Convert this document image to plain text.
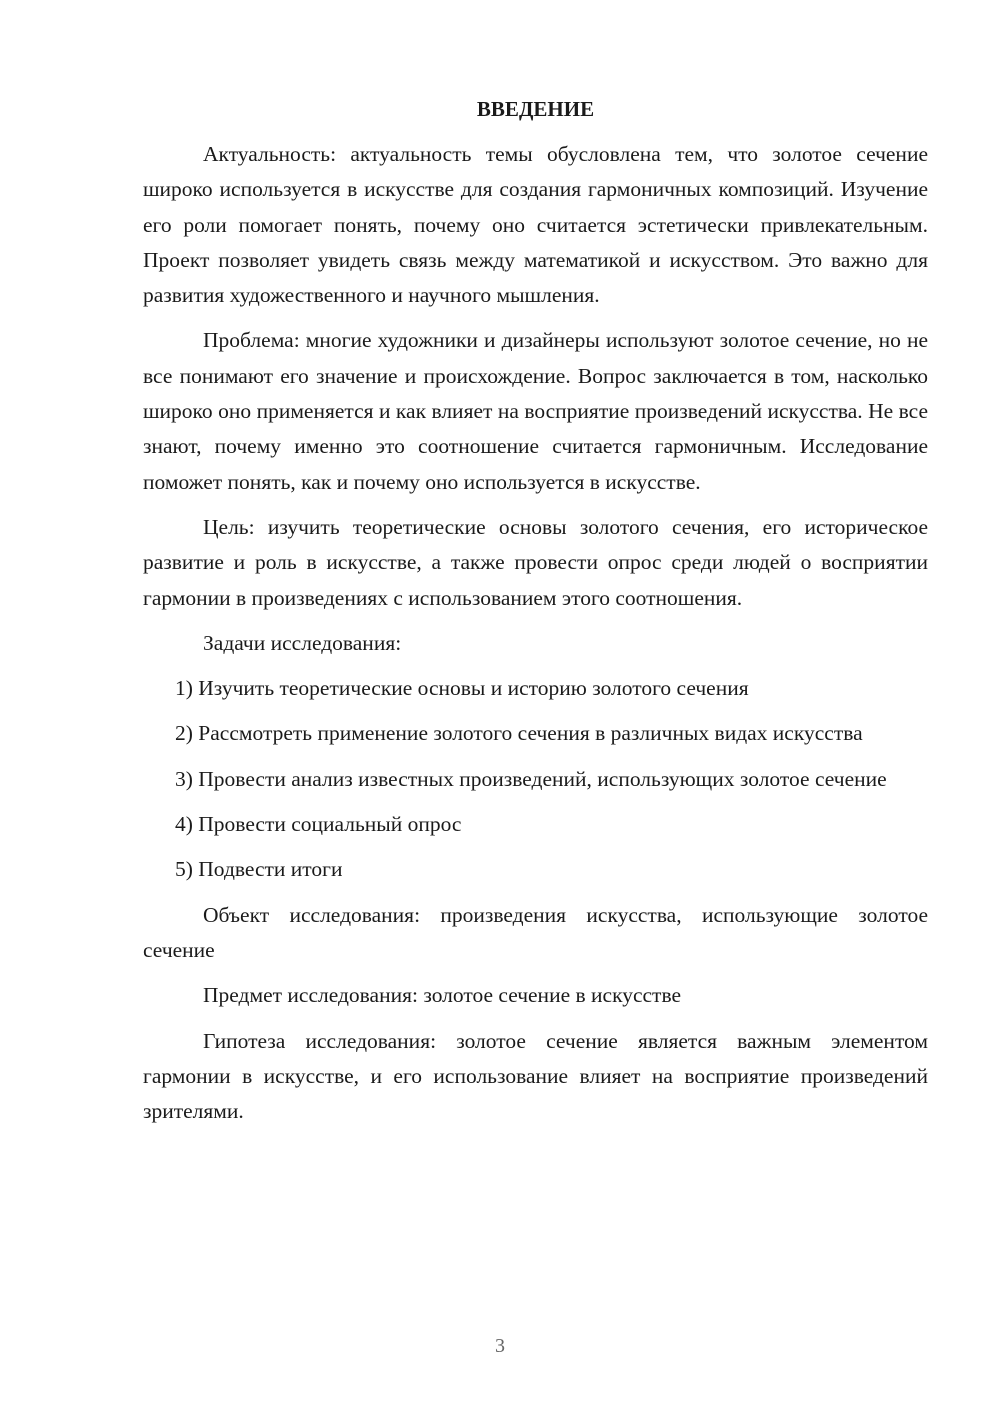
ВВЕДЕНИЕ

Актуальность: актуальность темы обусловлена тем, что золотое сечение широко используется в искусстве для создания гармоничных композиций. Изучение его роли помогает понять, почему оно считается эстетически привлекательным. Проект позволяет увидеть связь между математикой и искусством. Это важно для развития художественного и научного мышления.

Проблема: многие художники и дизайнеры используют золотое сечение, но не все понимают его значение и происхождение. Вопрос заключается в том, насколько широко оно применяется и как влияет на восприятие произведений искусства. Не все знают, почему именно это соотношение считается гармоничным. Исследование поможет понять, как и почему оно используется в искусстве.

Цель: изучить теоретические основы золотого сечения, его историческое развитие и роль в искусстве, а также провести опрос среди людей о восприятии гармонии в произведениях с использованием этого соотношения.

Задачи исследования:

1) Изучить теоретические основы и историю золотого сечения

2) Рассмотреть применение золотого сечения в различных видах искусства

3) Провести анализ известных произведений, использующих золотое сечение

4) Провести социальный опрос

5) Подвести итоги

Объект исследования: произведения искусства, использующие золотое сечение

Предмет исследования: золотое сечение в искусстве

Гипотеза исследования: золотое сечение является важным элементом гармонии в искусстве, и его использование влияет на восприятие произведений зрителями.

3
